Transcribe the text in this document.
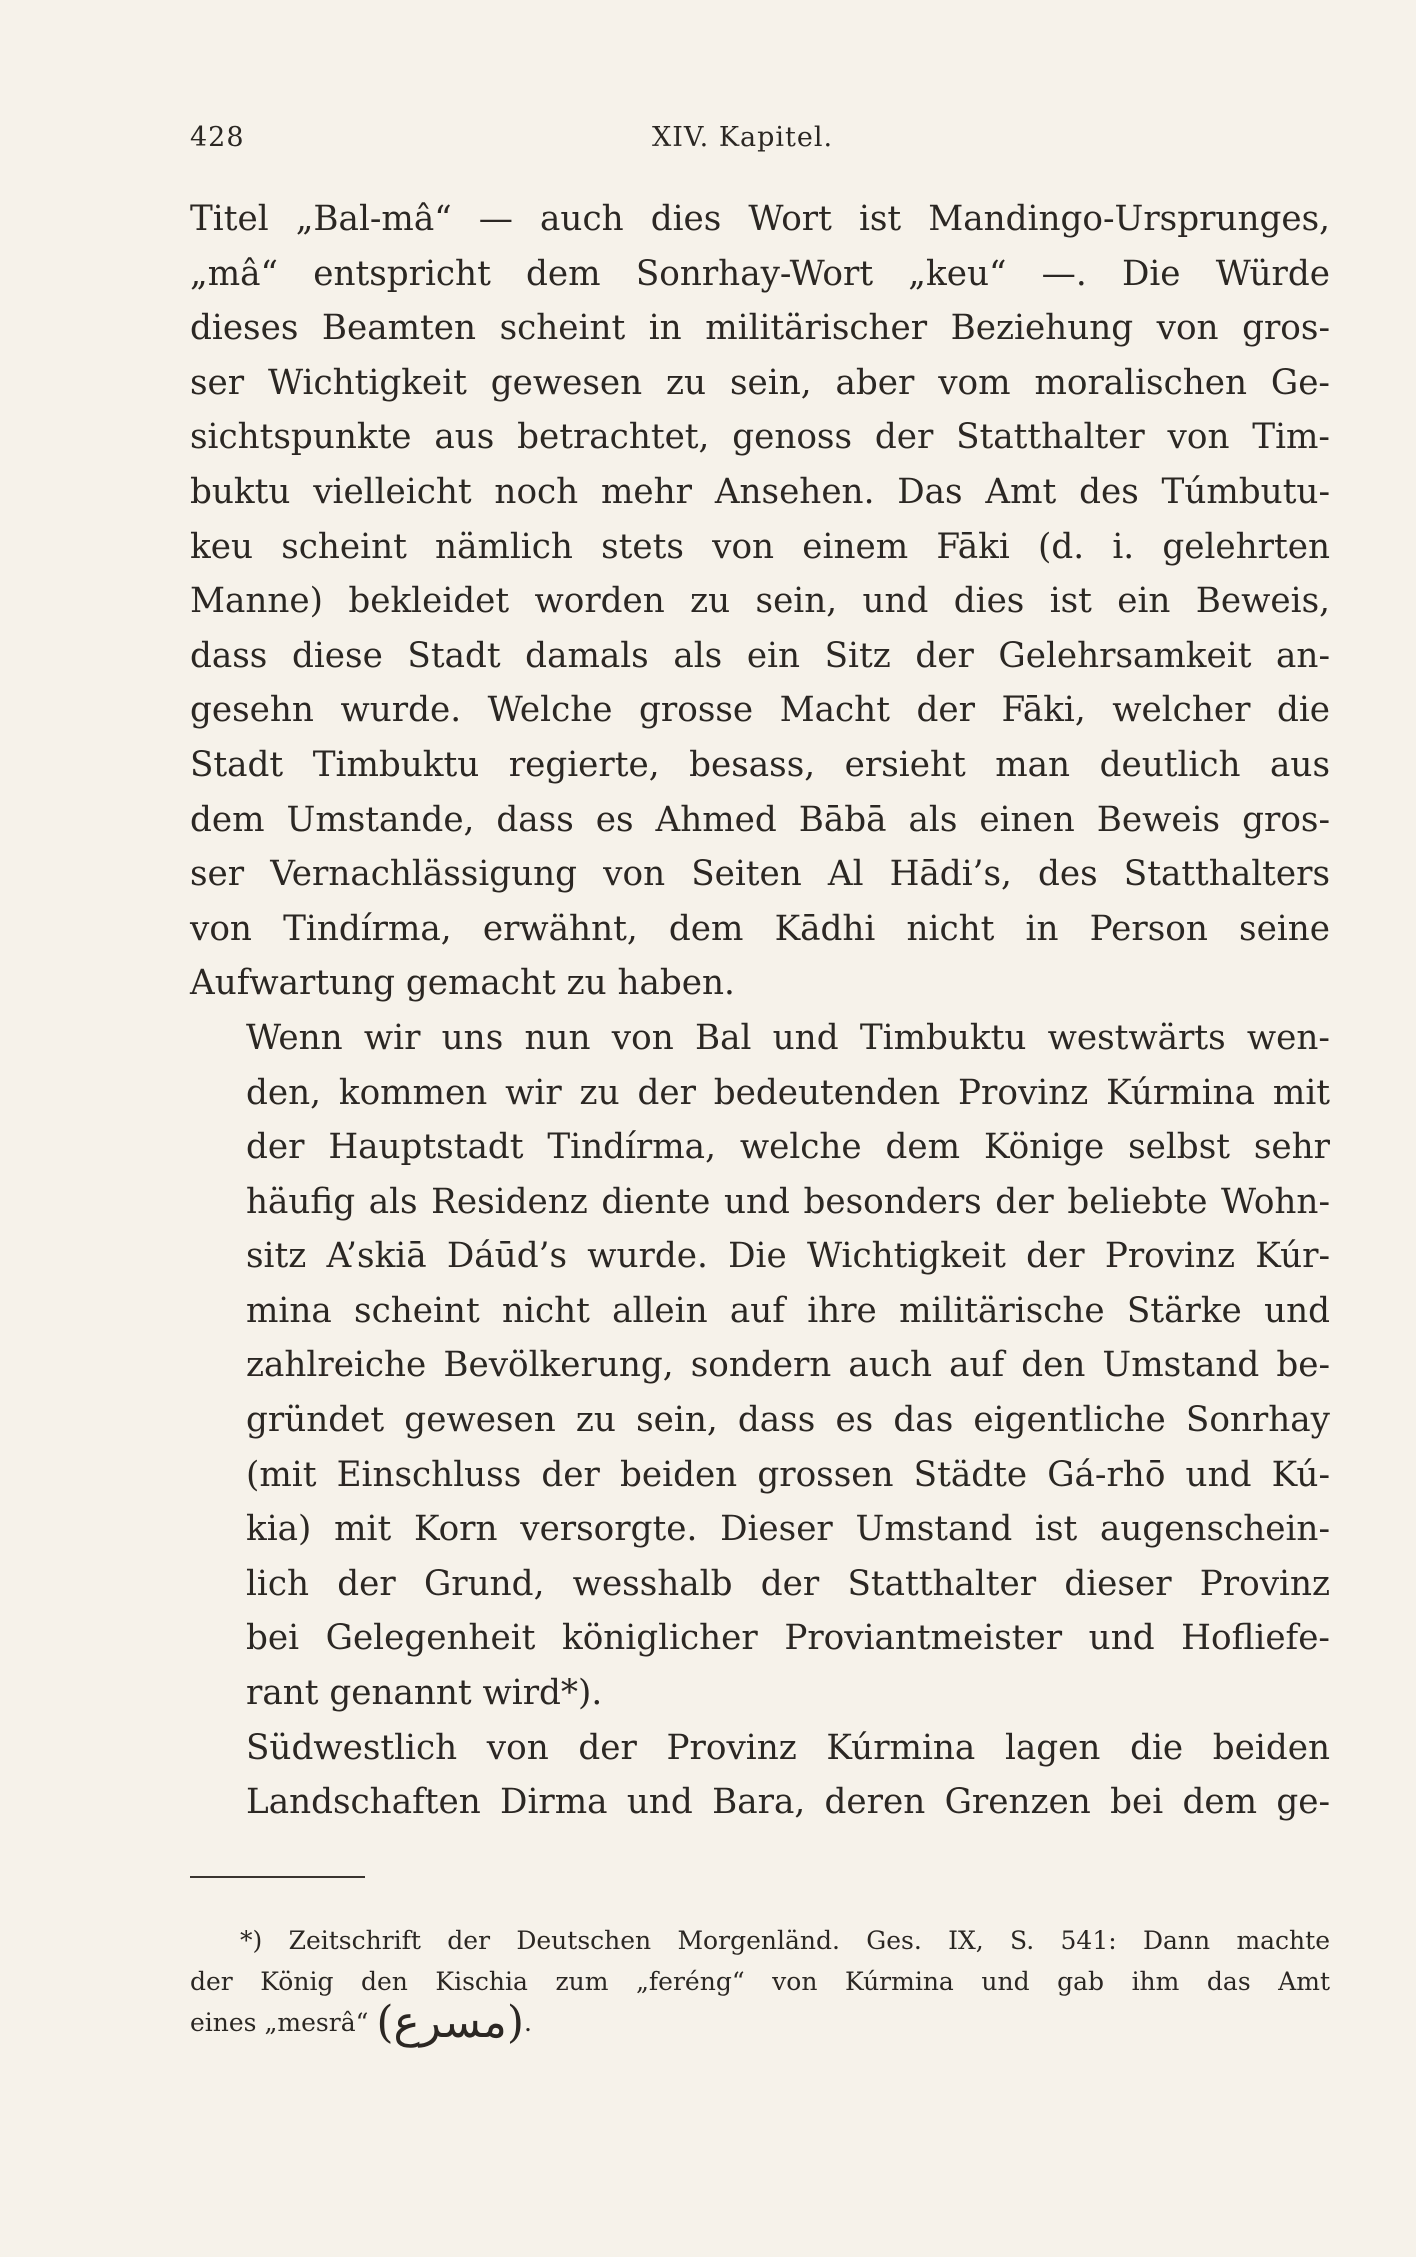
428	XIV. Kapitel.

Titel „Bal-mâ“ — auch dies Wort ist Mandingo-Ursprunges,
„mâ“ entspricht dem Sonrhay-Wort „keu“ —. Die Würde
dieses Beamten scheint in militärischer Beziehung von gros-
ser Wichtigkeit gewesen zu sein, aber vom moralischen Ge-
sichtspunkte aus betrachtet, genoss der Statthalter von Tim-
buktu vielleicht noch mehr Ansehen. Das Amt des Túmbutu-
keu scheint nämlich stets von einem Fāki (d. i. gelehrten
Manne) bekleidet worden zu sein, und dies ist ein Beweis,
dass diese Stadt damals als ein Sitz der Gelehrsamkeit an-
gesehn wurde. Welche grosse Macht der Fāki, welcher die
Stadt Timbuktu regierte, besass, ersieht man deutlich aus
dem Umstande, dass es Ahmed Bābā als einen Beweis gros-
ser Vernachlässigung von Seiten Al Hādi’s, des Statthalters
von Tindírma, erwähnt, dem Kādhi nicht in Person seine
Aufwartung gemacht zu haben.

Wenn wir uns nun von Bal und Timbuktu westwärts wen-
den, kommen wir zu der bedeutenden Provinz Kúrmina mit
der Hauptstadt Tindírma, welche dem Könige selbst sehr
häufig als Residenz diente und besonders der beliebte Wohn-
sitz A’skiā Dáūd’s wurde. Die Wichtigkeit der Provinz Kúr-
mina scheint nicht allein auf ihre militärische Stärke und
zahlreiche Bevölkerung, sondern auch auf den Umstand be-
gründet gewesen zu sein, dass es das eigentliche Sonrhay
(mit Einschluss der beiden grossen Städte Gá-rhō und Kú-
kia) mit Korn versorgte. Dieser Umstand ist augenschein-
lich der Grund, wesshalb der Statthalter dieser Provinz
bei Gelegenheit königlicher Proviantmeister und Hofliefe-
rant genannt wird*).

Südwestlich von der Provinz Kúrmina lagen die beiden
Landschaften Dirma und Bara, deren Grenzen bei dem ge-

*) Zeitschrift der Deutschen Morgenländ. Ges. IX, S. 541: Dann machte
der König den Kischia zum „feréng“ von Kúrmina und gab ihm das Amt
eines „mesrâ“ (مسرع).
